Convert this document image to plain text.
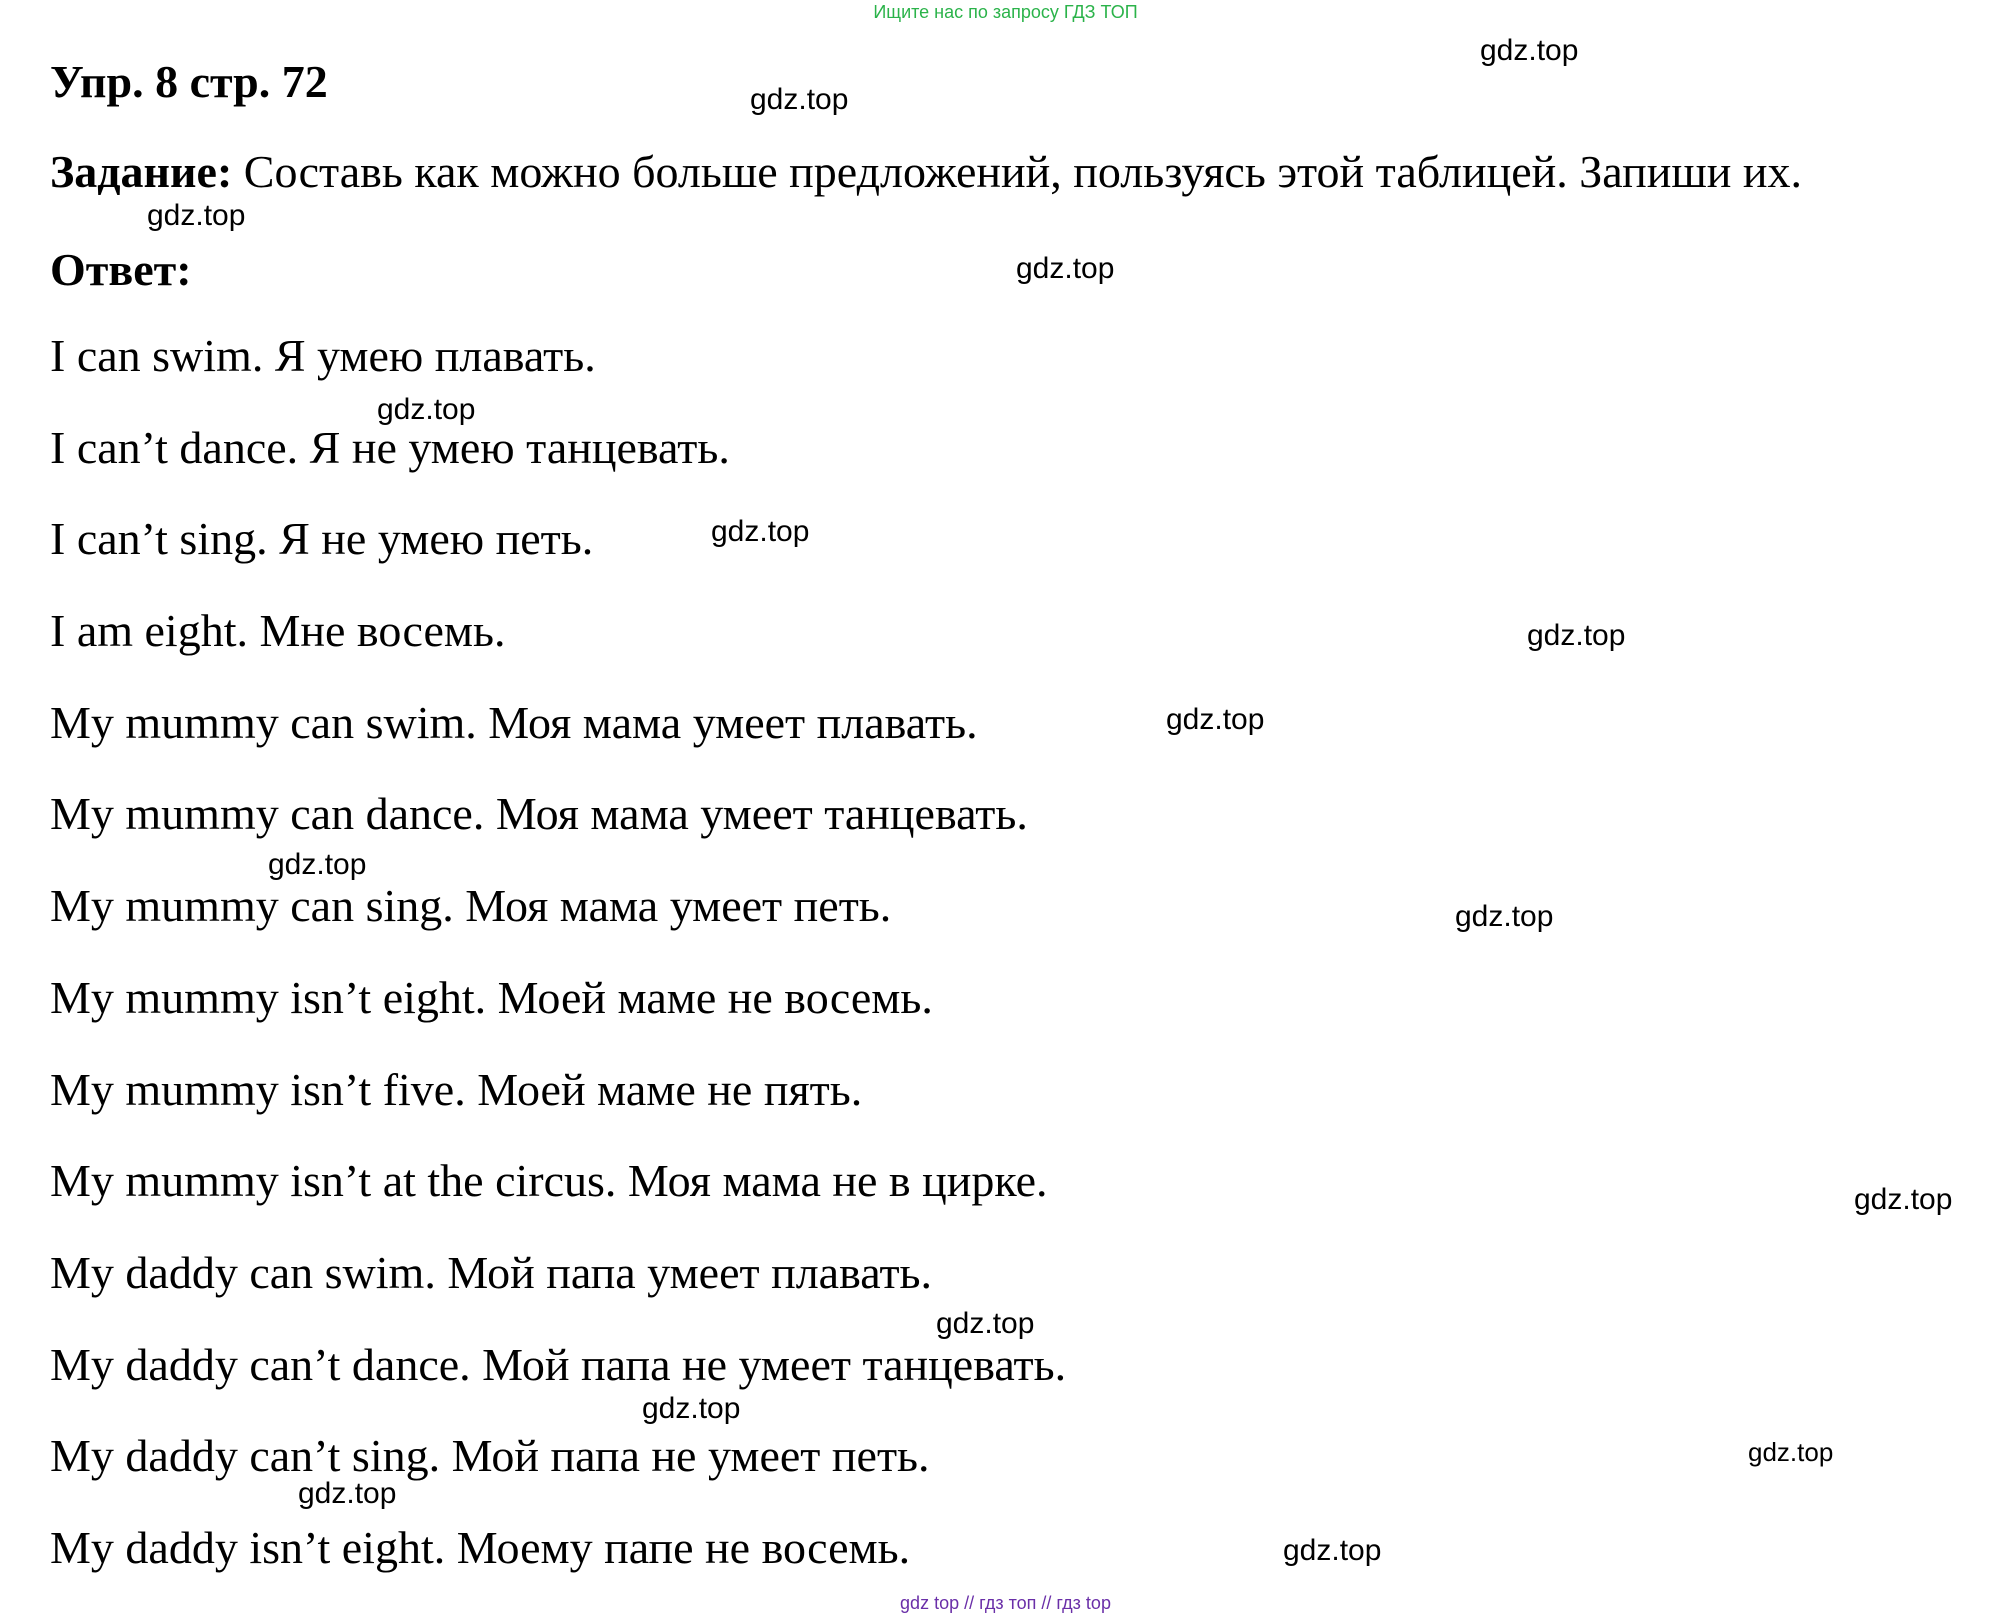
Ищите нас по запросу ГДЗ ТОП
Упр. 8 стр. 72
Задание: Составь как можно больше предложений, пользуясь этой таблицей. Запиши их.
Ответ:
I can swim. Я умею плавать.
I can’t dance. Я не умею танцевать.
I can’t sing. Я не умею петь.
I am eight. Мне восемь.
My mummy can swim. Моя мама умеет плавать.
My mummy can dance. Моя мама умеет танцевать.
My mummy can sing. Моя мама умеет петь.
My mummy isn’t eight. Моей маме не восемь.
My mummy isn’t five. Моей маме не пять.
My mummy isn’t at the circus. Моя мама не в цирке.
My daddy can swim. Мой папа умеет плавать.
My daddy can’t dance. Мой папа не умеет танцевать.
My daddy can’t sing. Мой папа не умеет петь.
My daddy isn’t eight. Моему папе не восемь.
gdz.top
gdz.top
gdz.top
gdz.top
gdz.top
gdz.top
gdz.top
gdz.top
gdz.top
gdz.top
gdz.top
gdz.top
gdz.top
gdz.top
gdz.top
gdz.top
gdz top // гдз топ // гдз top
